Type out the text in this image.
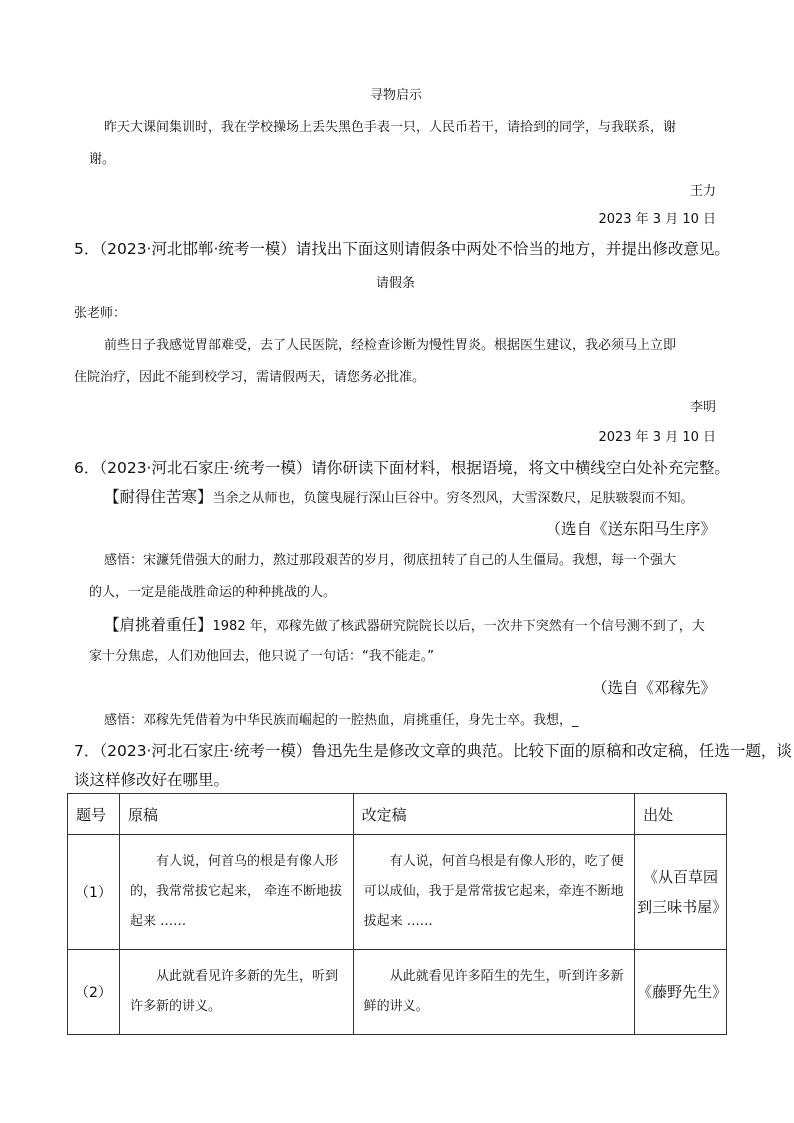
寻物启示
昨天大课间集训时，我在学校操场上丢失黑色手表一只，人民币若干，请拾到的同学，与我联系，谢
谢。
王力
2023 年 3 月 10 日
5．（2023·河北邯郸·统考一模）请找出下面这则请假条中两处不恰当的地方，并提出修改意见。
请假条
张老师：
前些日子我感觉胃部难受，去了人民医院，经检查诊断为慢性胃炎。根据医生建议，我必须马上立即
住院治疗，因此不能到校学习，需请假两天，请您务必批准。
李明
2023 年 3 月 10 日
6．（2023·河北石家庄·统考一模）请你研读下面材料，根据语境，将文中横线空白处补充完整。
【耐得住苦寒】当余之从师也，负箧曳屣行深山巨谷中。穷冬烈风，大雪深数尺，足肤皲裂而不知。
（选自《送东阳马生序》
感悟：宋濂凭借强大的耐力，熬过那段艰苦的岁月，彻底扭转了自己的人生僵局。我想，每一个强大
的人，一定是能战胜命运的种种挑战的人。
【肩挑着重任】1982 年，邓稼先做了核武器研究院院长以后，一次井下突然有一个信号测不到了，大
家十分焦虑，人们劝他回去，他只说了一句话：“我不能走。”
（选自《邓稼先》
感悟：邓稼先凭借着为中华民族而崛起的一腔热血，肩挑重任，身先士卒。我想，_
7．（2023·河北石家庄·统考一模）鲁迅先生是修改文章的典范。比较下面的原稿和改定稿，任选一题，谈
谈这样修改好在哪里。
题号	原稿	改定稿	出处
（1）	有人说，何首乌的根是有像人形的，我常常拔它起来， 牵连不断地拔起来 ……	有人说，何首乌根是有像人形的，吃了便可以成仙，我于是常常拔它起来，牵连不断地拔起来 ……	《从百草园到三味书屋》
（2）	从此就看见许多新的先生，听到许多新的讲义。	从此就看见许多陌生的先生，听到许多新鲜的讲义。	《藤野先生》
